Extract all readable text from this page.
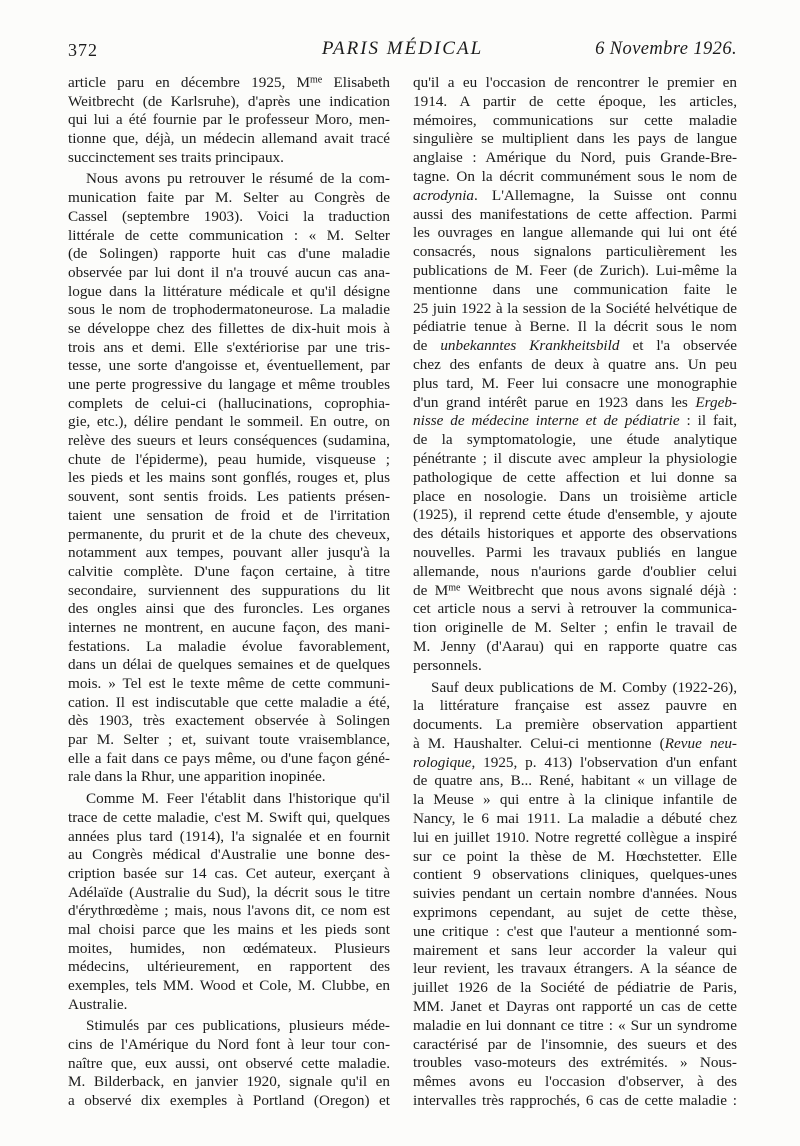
372	PARIS MÉDICAL	6 Novembre 1926.
article paru en décembre 1925, $M^{me}$ Elisabeth
Weitbrecht (de Karlsruhe), d'après une indication
qui lui a été fournie par le professeur Moro, men-
tionne que, déjà, un médecin allemand avait tracé
succinctement ses traits principaux.
Nous avons pu retrouver le résumé de la com-
munication faite par M. Selter au Congrès de
Cassel (septembre 1903). Voici la traduction
littérale de cette communication : « M. Selter
(de Solingen) rapporte huit cas d'une maladie
observée par lui dont il n'a trouvé aucun cas ana-
logue dans la littérature médicale et qu'il désigne
sous le nom de trophodermatoneurose. La maladie
se développe chez des fillettes de dix-huit mois à
trois ans et demi. Elle s'extériorise par une tris-
tesse, une sorte d'angoisse et, éventuellement, par
une perte progressive du langage et même troubles
complets de celui-ci (hallucinations, coprophia-
gie, etc.), délire pendant le sommeil. En outre, on
relève des sueurs et leurs conséquences (sudamina,
chute de l'épiderme), peau humide, visqueuse ;
les pieds et les mains sont gonflés, rouges et, plus
souvent, sont sentis froids. Les patients présen-
taient une sensation de froid et de l'irritation
permanente, du prurit et de la chute des cheveux,
notamment aux tempes, pouvant aller jusqu'à la
calvitie complète. D'une façon certaine, à titre
secondaire, surviennent des suppurations du lit
des ongles ainsi que des furoncles. Les organes
internes ne montrent, en aucune façon, des mani-
festations. La maladie évolue favorablement,
dans un délai de quelques semaines et de quelques
mois. » Tel est le texte même de cette communi-
cation. Il est indiscutable que cette maladie a été,
dès 1903, très exactement observée à Solingen
par M. Selter ; et, suivant toute vraisemblance,
elle a fait dans ce pays même, ou d'une façon géné-
rale dans la Rhur, une apparition inopinée.
Comme M. Feer l'établit dans l'historique qu'il
trace de cette maladie, c'est M. Swift qui, quelques
années plus tard (1914), l'a signalée et en fournit
au Congrès médical d'Australie une bonne des-
cription basée sur 14 cas. Cet auteur, exerçant à
Adélaïde (Australie du Sud), la décrit sous le titre
d'érythrœdème ; mais, nous l'avons dit, ce nom est
mal choisi parce que les mains et les pieds sont
moites, humides, non œdémateux. Plusieurs
médecins, ultérieurement, en rapportent des
exemples, tels MM. Wood et Cole, M. Clubbe, en
Australie.
Stimulés par ces publications, plusieurs méde-
cins de l'Amérique du Nord font à leur tour con-
naître que, eux aussi, ont observé cette maladie.
M. Bilderback, en janvier 1920, signale qu'il en
a observé dix exemples à Portland (Oregon) et
qu'il a eu l'occasion de rencontrer le premier en
1914. A partir de cette époque, les articles,
mémoires, communications sur cette maladie
singulière se multiplient dans les pays de langue
anglaise : Amérique du Nord, puis Grande-Bre-
tagne. On la décrit communément sous le nom de
acrodynia. L'Allemagne, la Suisse ont connu
aussi des manifestations de cette affection. Parmi
les ouvrages en langue allemande qui lui ont été
consacrés, nous signalons particulièrement les
publications de M. Feer (de Zurich). Lui-même la
mentionne dans une communication faite le
25 juin 1922 à la session de la Société helvétique de
pédiatrie tenue à Berne. Il la décrit sous le nom
de unbekanntes Krankheitsbild et l'a observée
chez des enfants de deux à quatre ans. Un peu
plus tard, M. Feer lui consacre une monographie
d'un grand intérêt parue en 1923 dans les Ergeb-
nisse de médecine interne et de pédiatrie : il fait,
de la symptomatologie, une étude analytique
pénétrante ; il discute avec ampleur la physiologie
pathologique de cette affection et lui donne sa
place en nosologie. Dans un troisième article
(1925), il reprend cette étude d'ensemble, y ajoute
des détails historiques et apporte des observations
nouvelles. Parmi les travaux publiés en langue
allemande, nous n'aurions garde d'oublier celui
de $M^{me}$ Weitbrecht que nous avons signalé déjà :
cet article nous a servi à retrouver la communica-
tion originelle de M. Selter ; enfin le travail de
M. Jenny (d'Aarau) qui en rapporte quatre cas
personnels.
Sauf deux publications de M. Comby (1922-26),
la littérature française est assez pauvre en
documents. La première observation appartient
à M. Haushalter. Celui-ci mentionne (Revue neu-
rologique, 1925, p. 413) l'observation d'un enfant
de quatre ans, B... René, habitant « un village de
la Meuse » qui entre à la clinique infantile de
Nancy, le 6 mai 1911. La maladie a débuté chez
lui en juillet 1910. Notre regretté collègue a inspiré
sur ce point la thèse de M. Hœchstetter. Elle
contient 9 observations cliniques, quelques-unes
suivies pendant un certain nombre d'années. Nous
exprimons cependant, au sujet de cette thèse,
une critique : c'est que l'auteur a mentionné som-
mairement et sans leur accorder la valeur qui
leur revient, les travaux étrangers. A la séance de
juillet 1926 de la Société de pédiatrie de Paris,
MM. Janet et Dayras ont rapporté un cas de cette
maladie en lui donnant ce titre : « Sur un syndrome
caractérisé par de l'insomnie, des sueurs et des
troubles vaso-moteurs des extrémités. » Nous-
mêmes avons eu l'occasion d'observer, à des
intervalles très rapprochés, 6 cas de cette maladie :
